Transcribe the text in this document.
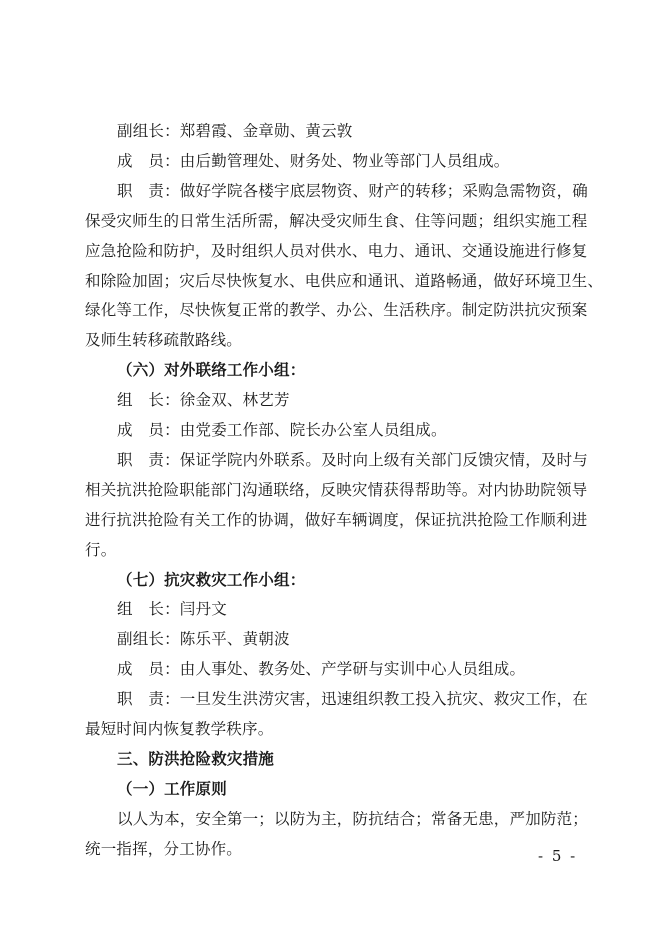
副组长：郑碧霞、金章勋、黄云敦
成　员：由后勤管理处、财务处、物业等部门人员组成。
职　责：做好学院各楼宇底层物资、财产的转移；采购急需物资，确
保受灾师生的日常生活所需，解决受灾师生食、住等问题；组织实施工程
应急抢险和防护，及时组织人员对供水、电力、通讯、交通设施进行修复
和除险加固；灾后尽快恢复水、电供应和通讯、道路畅通，做好环境卫生、
绿化等工作，尽快恢复正常的教学、办公、生活秩序。制定防洪抗灾预案
及师生转移疏散路线。
（六）对外联络工作小组：
组　长：徐金双、林艺芳
成　员：由党委工作部、院长办公室人员组成。
职　责：保证学院内外联系。及时向上级有关部门反馈灾情，及时与
相关抗洪抢险职能部门沟通联络，反映灾情获得帮助等。对内协助院领导
进行抗洪抢险有关工作的协调，做好车辆调度，保证抗洪抢险工作顺利进
行。
（七）抗灾救灾工作小组：
组　长：闫丹文
副组长：陈乐平、黄朝波
成　员：由人事处、教务处、产学研与实训中心人员组成。
职　责：一旦发生洪涝灾害，迅速组织教工投入抗灾、救灾工作，在
最短时间内恢复教学秩序。
三、防洪抢险救灾措施
（一）工作原则
以人为本，安全第一；以防为主，防抗结合；常备无患，严加防范；
统一指挥，分工协作。	- 5 -
